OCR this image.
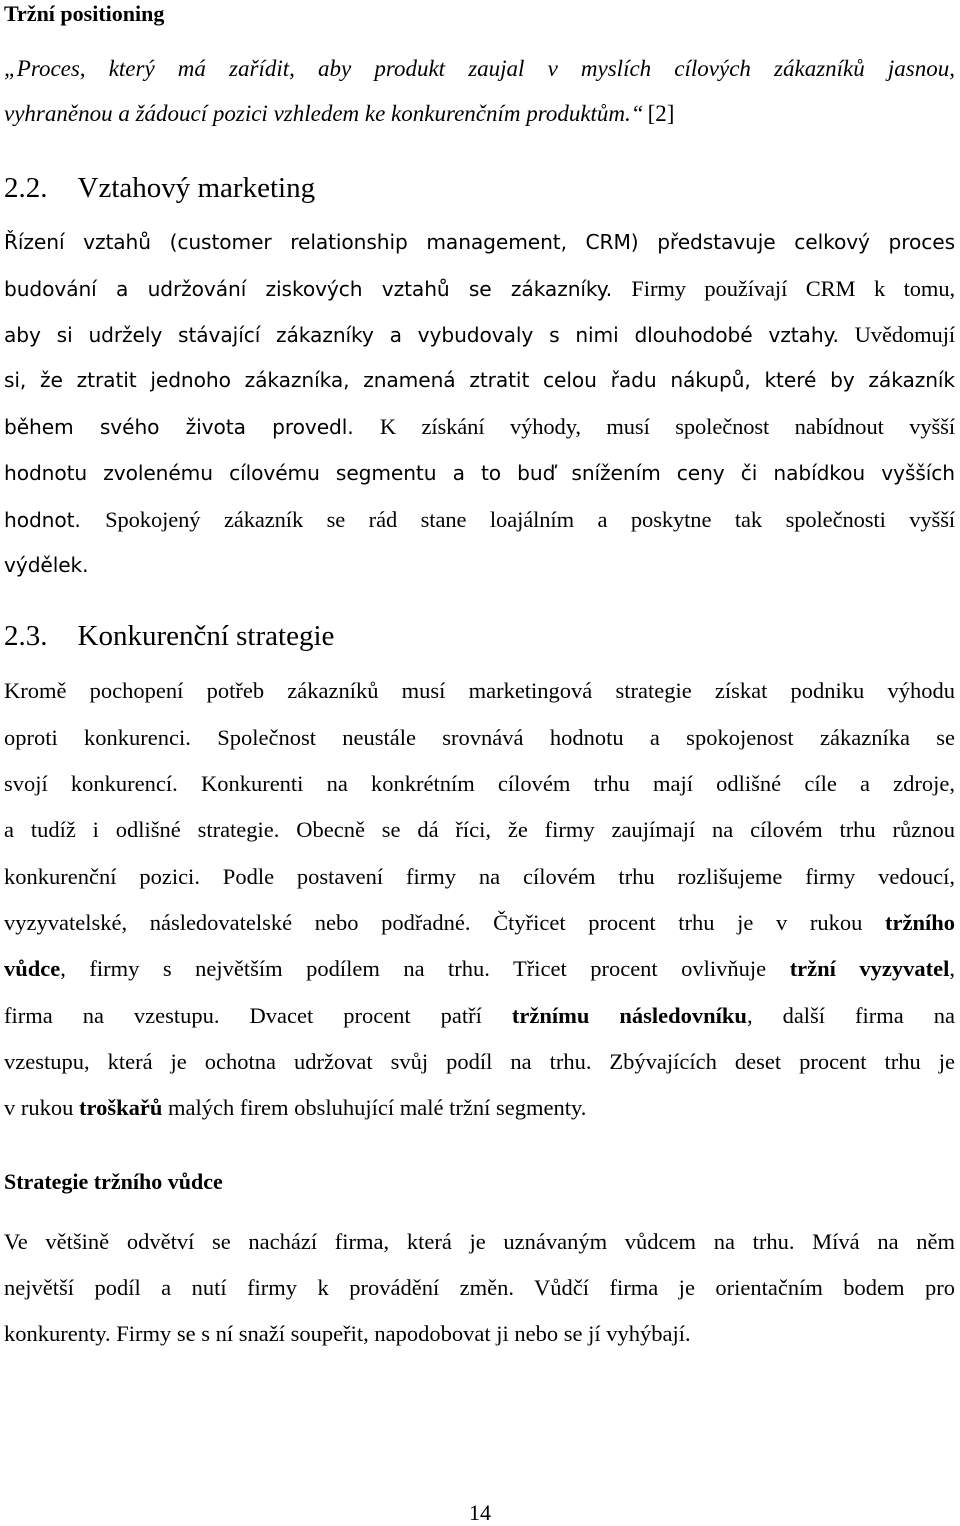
Tržní positioning
„Proces, který má zařídit, aby produkt zaujal v myslích cílových zákazníků jasnou,
vyhraněnou a žádoucí pozici vzhledem ke konkurenčním produktům.“ [2]
2.2. Vztahový marketing
Řízení vztahů (customer relationship management, CRM) představuje celkový proces
budování a udržování ziskových vztahů se zákazníky. Firmy používají CRM k tomu,
aby si udržely stávající zákazníky a vybudovaly s nimi dlouhodobé vztahy. Uvědomují
si, že ztratit jednoho zákazníka, znamená ztratit celou řadu nákupů, které by zákazník
během svého života provedl. K získání výhody, musí společnost nabídnout vyšší
hodnotu zvolenému cílovému segmentu a to buď snížením ceny či nabídkou vyšších
hodnot. Spokojený zákazník se rád stane loajálním a poskytne tak společnosti vyšší
výdělek.
2.3. Konkurenční strategie
Kromě pochopení potřeb zákazníků musí marketingová strategie získat podniku výhodu
oproti konkurenci. Společnost neustále srovnává hodnotu a spokojenost zákazníka se
svojí konkurencí. Konkurenti na konkrétním cílovém trhu mají odlišné cíle a zdroje,
a tudíž i odlišné strategie. Obecně se dá říci, že firmy zaujímají na cílovém trhu různou
konkurenční pozici. Podle postavení firmy na cílovém trhu rozlišujeme firmy vedoucí,
vyzyvatelské, následovatelské nebo podřadné. Čtyřicet procent trhu je v rukou tržního
vůdce, firmy s největším podílem na trhu. Třicet procent ovlivňuje tržní vyzyvatel,
firma na vzestupu. Dvacet procent patří tržnímu následovníku, další firma na
vzestupu, která je ochotna udržovat svůj podíl na trhu. Zbývajících deset procent trhu je
v rukou troškařů malých firem obsluhující malé tržní segmenty.
Strategie tržního vůdce
Ve většině odvětví se nachází firma, která je uznávaným vůdcem na trhu. Mívá na něm
největší podíl a nutí firmy k provádění změn. Vůdčí firma je orientačním bodem pro
konkurenty. Firmy se s ní snaží soupeřit, napodobovat ji nebo se jí vyhýbají.
14
